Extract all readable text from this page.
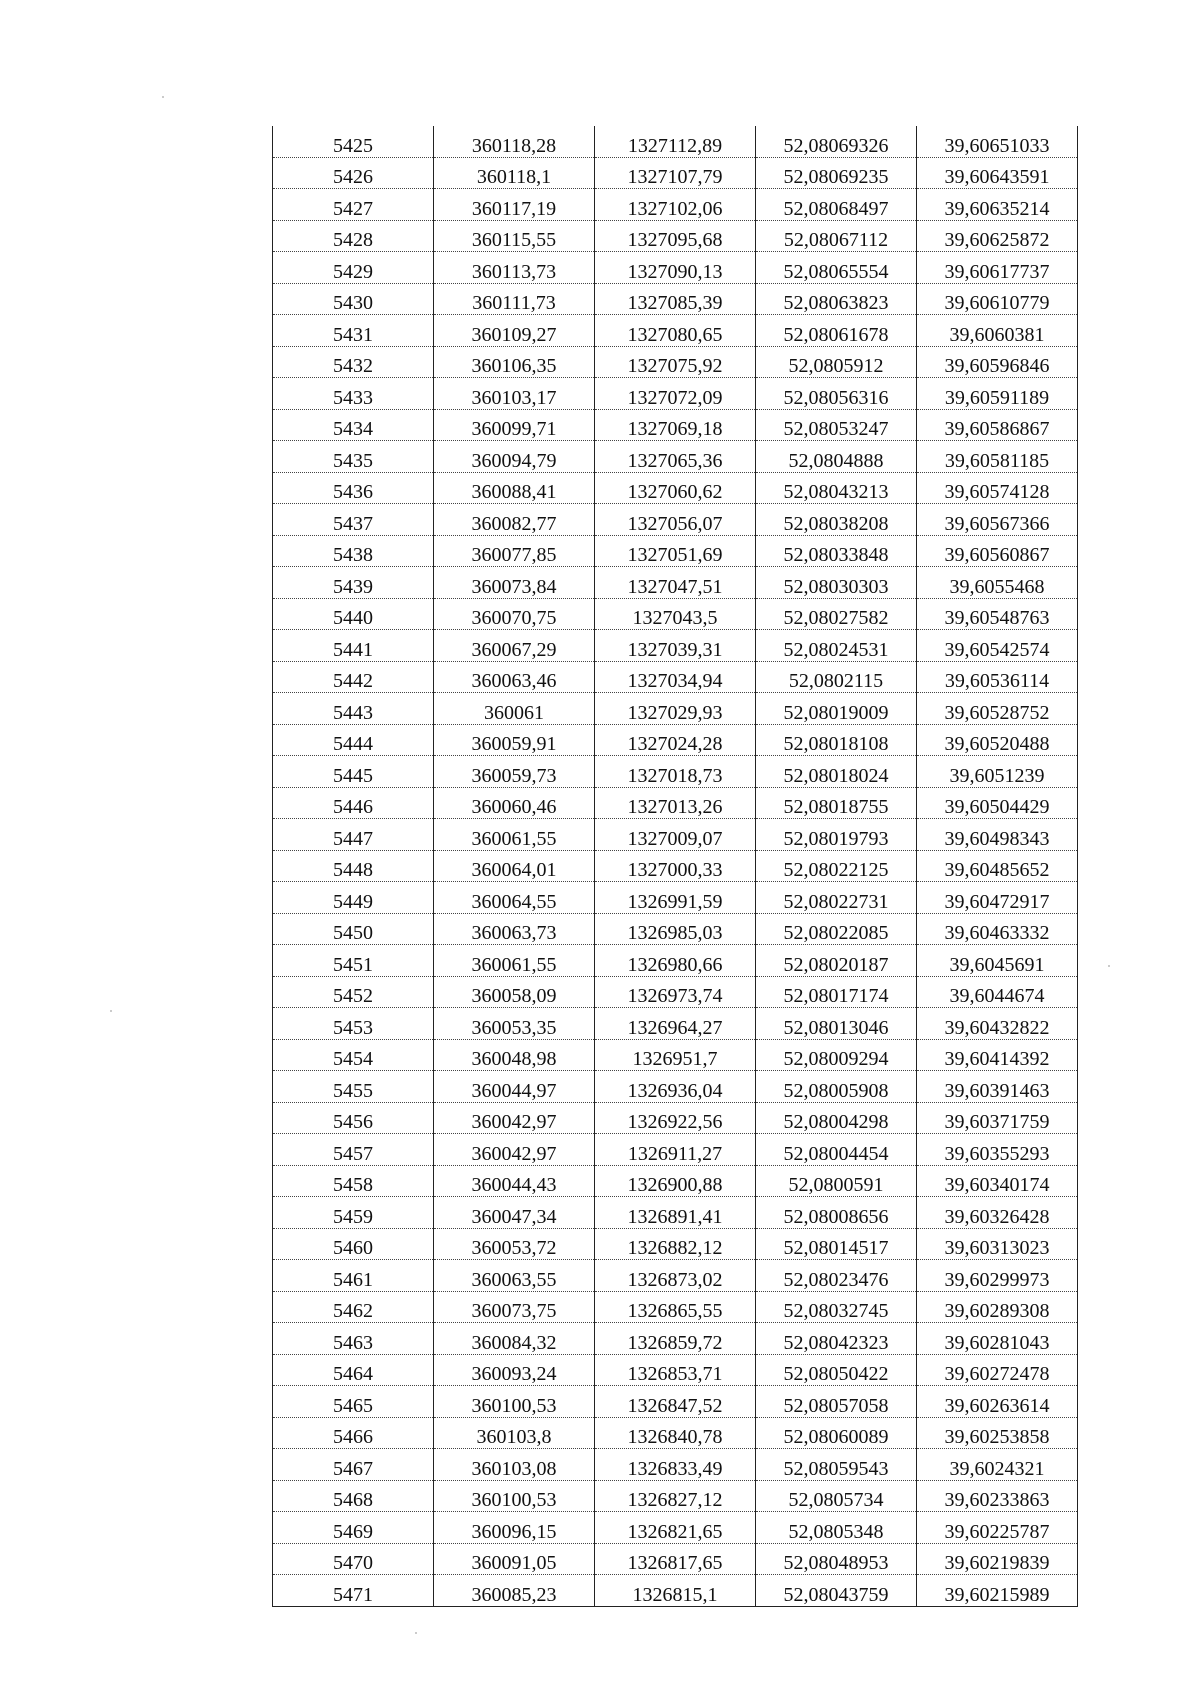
5425	360118,28	1327112,89	52,08069326	39,60651033
5426	360118,1	1327107,79	52,08069235	39,60643591
5427	360117,19	1327102,06	52,08068497	39,60635214
5428	360115,55	1327095,68	52,08067112	39,60625872
5429	360113,73	1327090,13	52,08065554	39,60617737
5430	360111,73	1327085,39	52,08063823	39,60610779
5431	360109,27	1327080,65	52,08061678	39,6060381
5432	360106,35	1327075,92	52,0805912	39,60596846
5433	360103,17	1327072,09	52,08056316	39,60591189
5434	360099,71	1327069,18	52,08053247	39,60586867
5435	360094,79	1327065,36	52,0804888	39,60581185
5436	360088,41	1327060,62	52,08043213	39,60574128
5437	360082,77	1327056,07	52,08038208	39,60567366
5438	360077,85	1327051,69	52,08033848	39,60560867
5439	360073,84	1327047,51	52,08030303	39,6055468
5440	360070,75	1327043,5	52,08027582	39,60548763
5441	360067,29	1327039,31	52,08024531	39,60542574
5442	360063,46	1327034,94	52,0802115	39,60536114
5443	360061	1327029,93	52,08019009	39,60528752
5444	360059,91	1327024,28	52,08018108	39,60520488
5445	360059,73	1327018,73	52,08018024	39,6051239
5446	360060,46	1327013,26	52,08018755	39,60504429
5447	360061,55	1327009,07	52,08019793	39,60498343
5448	360064,01	1327000,33	52,08022125	39,60485652
5449	360064,55	1326991,59	52,08022731	39,60472917
5450	360063,73	1326985,03	52,08022085	39,60463332
5451	360061,55	1326980,66	52,08020187	39,6045691
5452	360058,09	1326973,74	52,08017174	39,6044674
5453	360053,35	1326964,27	52,08013046	39,60432822
5454	360048,98	1326951,7	52,08009294	39,60414392
5455	360044,97	1326936,04	52,08005908	39,60391463
5456	360042,97	1326922,56	52,08004298	39,60371759
5457	360042,97	1326911,27	52,08004454	39,60355293
5458	360044,43	1326900,88	52,0800591	39,60340174
5459	360047,34	1326891,41	52,08008656	39,60326428
5460	360053,72	1326882,12	52,08014517	39,60313023
5461	360063,55	1326873,02	52,08023476	39,60299973
5462	360073,75	1326865,55	52,08032745	39,60289308
5463	360084,32	1326859,72	52,08042323	39,60281043
5464	360093,24	1326853,71	52,08050422	39,60272478
5465	360100,53	1326847,52	52,08057058	39,60263614
5466	360103,8	1326840,78	52,08060089	39,60253858
5467	360103,08	1326833,49	52,08059543	39,6024321
5468	360100,53	1326827,12	52,0805734	39,60233863
5469	360096,15	1326821,65	52,0805348	39,60225787
5470	360091,05	1326817,65	52,08048953	39,60219839
5471	360085,23	1326815,1	52,08043759	39,60215989
